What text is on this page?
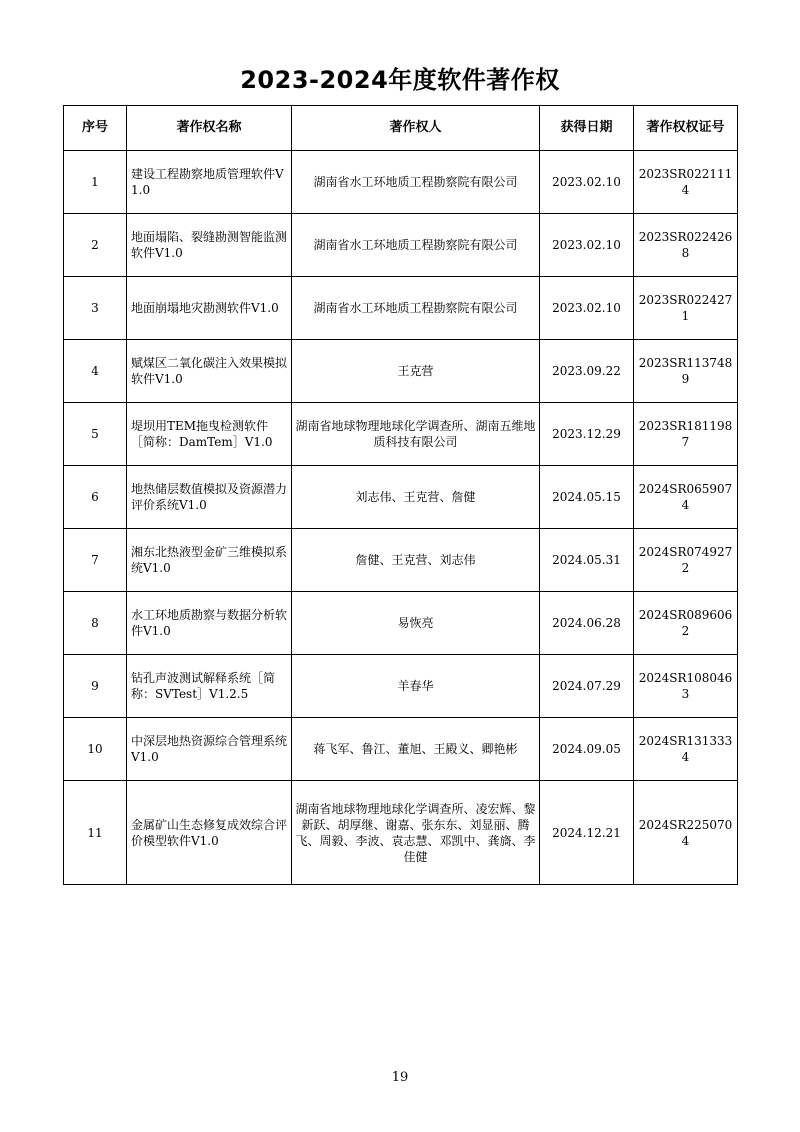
2023-2024年度软件著作权
序号	著作权名称	著作权人	获得日期	著作权权证号
1	建设工程勘察地质管理软件V1.0	湖南省水工环地质工程勘察院有限公司	2023.02.10	2023SR0221114
2	地面塌陷、裂缝勘测智能监测软件V1.0	湖南省水工环地质工程勘察院有限公司	2023.02.10	2023SR0224268
3	地面崩塌地灾勘测软件V1.0	湖南省水工环地质工程勘察院有限公司	2023.02.10	2023SR0224271
4	赋煤区二氧化碳注入效果模拟软件V1.0	王克营	2023.09.22	2023SR1137489
5	堤坝用TEM拖曳检测软件［简称：DamTem］V1.0	湖南省地球物理地球化学调查所、湖南五维地质科技有限公司	2023.12.29	2023SR1811987
6	地热储层数值模拟及资源潜力评价系统V1.0	刘志伟、王克营、詹健	2024.05.15	2024SR0659074
7	湘东北热液型金矿三维模拟系统V1.0	詹健、王克营、刘志伟	2024.05.31	2024SR0749272
8	水工环地质勘察与数据分析软件V1.0	易恢亮	2024.06.28	2024SR0896062
9	钻孔声波测试解释系统［简称：SVTest］V1.2.5	羊春华	2024.07.29	2024SR1080463
10	中深层地热资源综合管理系统V1.0	蒋飞军、鲁江、董旭、王殿义、卿艳彬	2024.09.05	2024SR1313334
11	金属矿山生态修复成效综合评价模型软件V1.0	湖南省地球物理地球化学调查所、凌宏辉、黎新跃、胡厚继、谢嘉、张东东、刘显丽、腾飞、周毅、李波、袁志慧、邓凯中、龚旖、李佳健	2024.12.21	2024SR2250704
19
